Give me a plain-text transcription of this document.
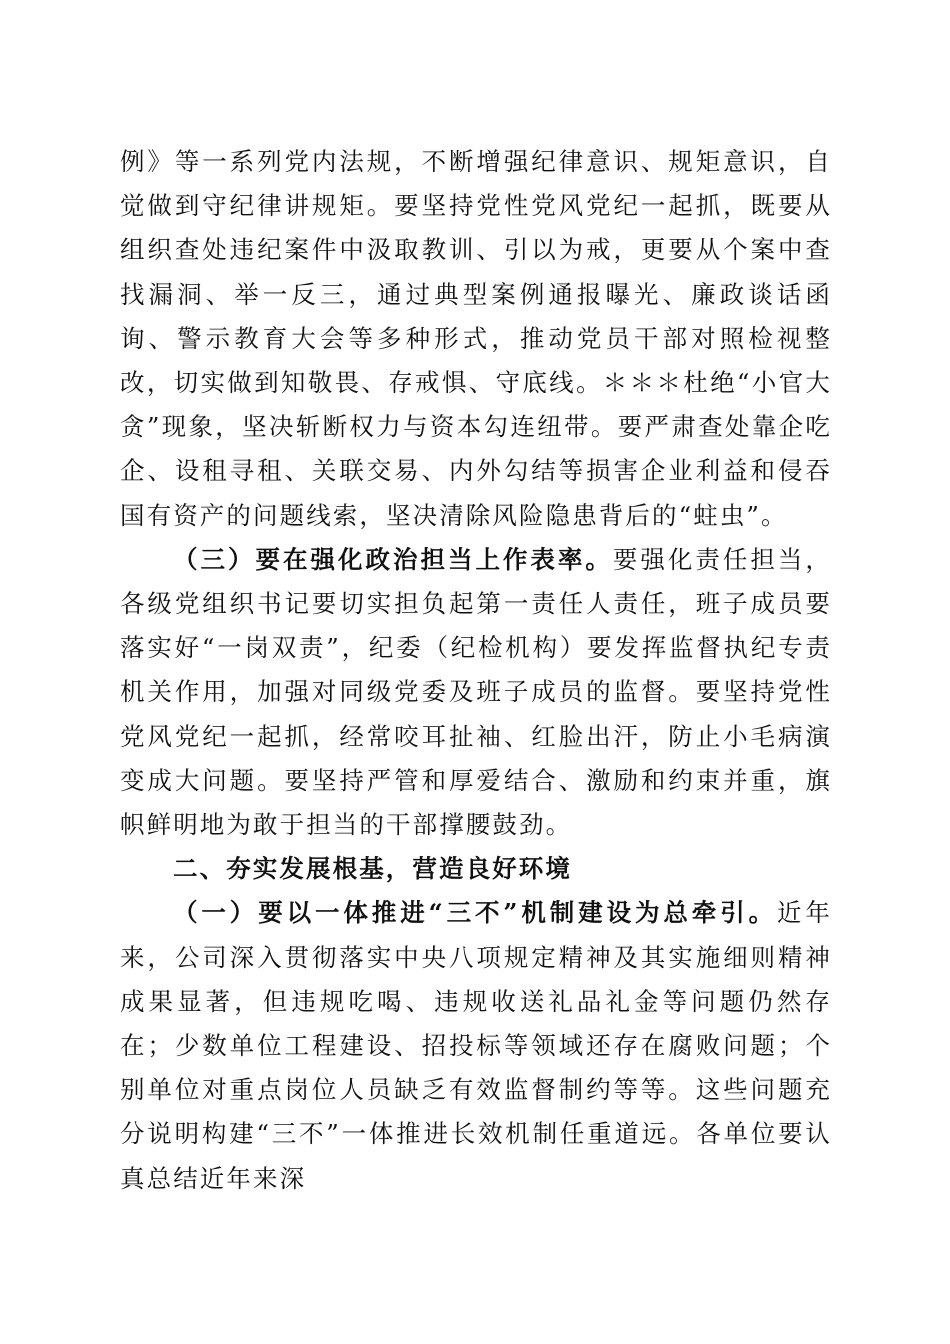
例》等一系列党内法规，不断增强纪律意识、规矩意识，自觉做到守纪律讲规矩。要坚持党性党风党纪一起抓，既要从组织查处违纪案件中汲取教训、引以为戒，更要从个案中查找漏洞、举一反三，通过典型案例通报曝光、廉政谈话函询、警示教育大会等多种形式，推动党员干部对照检视整改，切实做到知敬畏、存戒惧、守底线。＊＊＊杜绝“小官大贪”现象，坚决斩断权力与资本勾连纽带。要严肃查处靠企吃企、设租寻租、关联交易、内外勾结等损害企业利益和侵吞国有资产的问题线索，坚决清除风险隐患背后的“蛀虫”。

（三）要在强化政治担当上作表率。要强化责任担当，各级党组织书记要切实担负起第一责任人责任，班子成员要落实好“一岗双责”，纪委（纪检机构）要发挥监督执纪专责机关作用，加强对同级党委及班子成员的监督。要坚持党性党风党纪一起抓，经常咬耳扯袖、红脸出汗，防止小毛病演变成大问题。要坚持严管和厚爱结合、激励和约束并重，旗帜鲜明地为敢于担当的干部撑腰鼓劲。

二、夯实发展根基，营造良好环境

（一）要以一体推进“三不”机制建设为总牵引。近年来，公司深入贯彻落实中央八项规定精神及其实施细则精神成果显著，但违规吃喝、违规收送礼品礼金等问题仍然存在；少数单位工程建设、招投标等领域还存在腐败问题；个别单位对重点岗位人员缺乏有效监督制约等等。这些问题充分说明构建“三不”一体推进长效机制任重道远。各单位要认真总结近年来深
